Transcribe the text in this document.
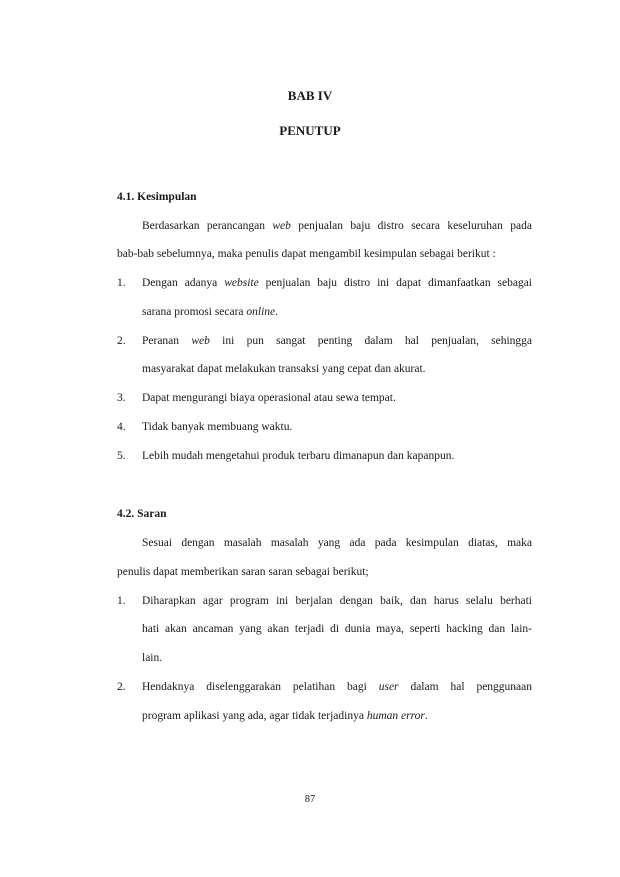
BAB IV
PENUTUP
4.1. Kesimpulan
Berdasarkan perancangan web penjualan baju distro secara keseluruhan pada
bab-bab sebelumnya, maka penulis dapat mengambil kesimpulan sebagai berikut :
1. Dengan adanya website penjualan baju distro ini dapat dimanfaatkan sebagai
sarana promosi secara online.
2. Peranan web ini pun sangat penting dalam hal penjualan, sehingga
masyarakat dapat melakukan transaksi yang cepat dan akurat.
3. Dapat mengurangi biaya operasional atau sewa tempat.
4. Tidak banyak membuang waktu.
5. Lebih mudah mengetahui produk terbaru dimanapun dan kapanpun.
4.2. Saran
Sesuai dengan masalah masalah yang ada pada kesimpulan diatas, maka
penulis dapat memberikan saran saran sebagai berikut;
1. Diharapkan agar program ini berjalan dengan baik, dan harus selalu berhati
hati akan ancaman yang akan terjadi di dunia maya, seperti hacking dan lain-
lain.
2. Hendaknya diselenggarakan pelatihan bagi user dalam hal penggunaan
program aplikasi yang ada, agar tidak terjadinya human error.
87
